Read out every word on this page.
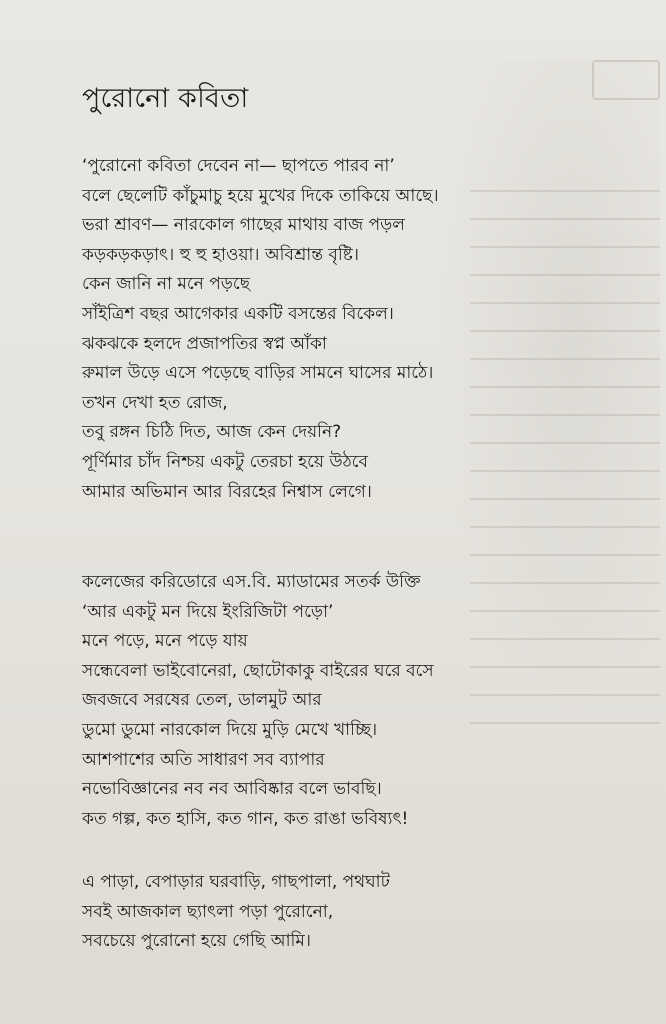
পুরোনো কবিতা
‘পুরোনো কবিতা দেবেন না— ছাপতে পারব না’
বলে ছেলেটি কাঁচুমাচু হয়ে মুখের দিকে তাকিয়ে আছে।
ভরা শ্রাবণ— নারকোল গাছের মাথায় বাজ পড়ল
কড়কড়কড়াৎ। হু হু হাওয়া। অবিশ্রান্ত বৃষ্টি।
কেন জানি না মনে পড়ছে
সাঁইত্রিশ বছর আগেকার একটি বসন্তের বিকেল।
ঝকঝকে হলদে প্রজাপতির স্বপ্ন আঁকা
রুমাল উড়ে এসে পড়েছে বাড়ির সামনে ঘাসের মাঠে।
তখন দেখা হত রোজ,
তবু রঙ্গন চিঠি দিত, আজ কেন দেয়নি?
পূর্ণিমার চাঁদ নিশ্চয় একটু তেরচা হয়ে উঠবে
আমার অভিমান আর বিরহের নিশ্বাস লেগে।
কলেজের করিডোরে এস.বি. ম্যাডামের সতর্ক উক্তি
‘আর একটু মন দিয়ে ইংরিজিটা পড়ো’
মনে পড়ে, মনে পড়ে যায়
সন্ধেবেলা ভাইবোনেরা, ছোটোকাকু বাইরের ঘরে বসে
জবজবে সরষের তেল, ডালমুট আর
ডুমো ডুমো নারকোল দিয়ে মুড়ি মেখে খাচ্ছি।
আশপাশের অতি সাধারণ সব ব্যাপার
নভোবিজ্ঞানের নব নব আবিষ্কার বলে ভাবছি।
কত গল্প, কত হাসি, কত গান, কত রাঙা ভবিষ্যৎ!
এ পাড়া, বেপাড়ার ঘরবাড়ি, গাছপালা, পথঘাট
সবই আজকাল ছ্যাৎলা পড়া পুরোনো,
সবচেয়ে পুরোনো হয়ে গেছি আমি।
